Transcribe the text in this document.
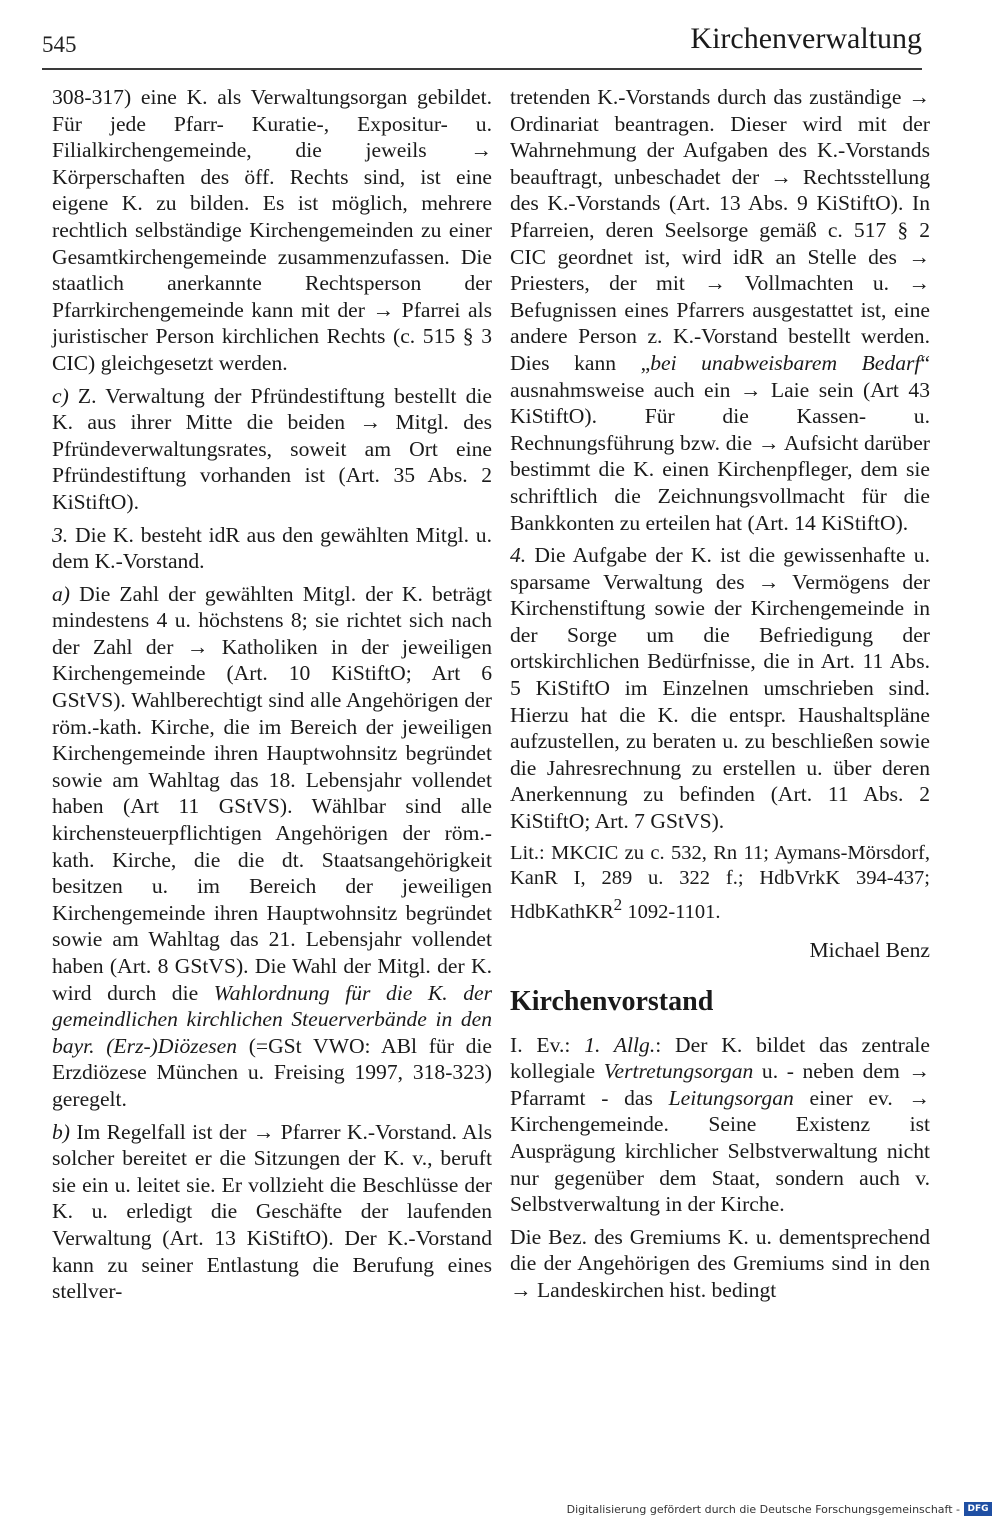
545	Kirchenverwaltung

308-317) eine K. als Verwaltungsorgan gebildet. Für jede Pfarr- Kuratie-, Expositur- u. Filialkirchengemeinde, die jeweils → Körperschaften des öff. Rechts sind, ist eine eigene K. zu bilden. Es ist möglich, mehrere rechtlich selbständige Kirchengemeinden zu einer Gesamtkirchengemeinde zusammenzufassen. Die staatlich anerkannte Rechtsperson der Pfarrkirchengemeinde kann mit der → Pfarrei als juristischer Person kirchlichen Rechts (c. 515 § 3 CIC) gleichgesetzt werden.

c) Z. Verwaltung der Pfründestiftung bestellt die K. aus ihrer Mitte die beiden → Mitgl. des Pfründeverwaltungsrates, soweit am Ort eine Pfründestiftung vorhanden ist (Art. 35 Abs. 2 KiStiftO).

3. Die K. besteht idR aus den gewählten Mitgl. u. dem K.-Vorstand.

a) Die Zahl der gewählten Mitgl. der K. beträgt mindestens 4 u. höchstens 8; sie richtet sich nach der Zahl der → Katholiken in der jeweiligen Kirchengemeinde (Art. 10 KiStiftO; Art 6 GStVS). Wahlberechtigt sind alle Angehörigen der röm.-kath. Kirche, die im Bereich der jeweiligen Kirchengemeinde ihren Hauptwohnsitz begründet sowie am Wahltag das 18. Lebensjahr vollendet haben (Art 11 GStVS). Wählbar sind alle kirchensteuerpflichtigen Angehörigen der röm.-kath. Kirche, die die dt. Staatsangehörigkeit besitzen u. im Bereich der jeweiligen Kirchengemeinde ihren Hauptwohnsitz begründet sowie am Wahltag das 21. Lebensjahr vollendet haben (Art. 8 GStVS). Die Wahl der Mitgl. der K. wird durch die Wahlordnung für die K. der gemeindlichen kirchlichen Steuerverbände in den bayr. (Erz-)Diözesen (=GSt VWO: ABl für die Erzdiözese München u. Freising 1997, 318-323) geregelt.

b) Im Regelfall ist der → Pfarrer K.-Vorstand. Als solcher bereitet er die Sitzungen der K. v., beruft sie ein u. leitet sie. Er vollzieht die Beschlüsse der K. u. erledigt die Geschäfte der laufenden Verwaltung (Art. 13 KiStiftO). Der K.-Vorstand kann zu seiner Entlastung die Berufung eines stellver-

tretenden K.-Vorstands durch das zuständige → Ordinariat beantragen. Dieser wird mit der Wahrnehmung der Aufgaben des K.-Vorstands beauftragt, unbeschadet der → Rechtsstellung des K.-Vorstands (Art. 13 Abs. 9 KiStiftO). In Pfarreien, deren Seelsorge gemäß c. 517 § 2 CIC geordnet ist, wird idR an Stelle des → Priesters, der mit → Vollmachten u. → Befugnissen eines Pfarrers ausgestattet ist, eine andere Person z. K.-Vorstand bestellt werden. Dies kann „bei unabweisbarem Bedarf“ ausnahmsweise auch ein → Laie sein (Art 43 KiStiftO). Für die Kassen- u. Rechnungsführung bzw. die → Aufsicht darüber bestimmt die K. einen Kirchenpfleger, dem sie schriftlich die Zeichnungsvollmacht für die Bankkonten zu erteilen hat (Art. 14 KiStiftO).

4. Die Aufgabe der K. ist die gewissenhafte u. sparsame Verwaltung des → Vermögens der Kirchenstiftung sowie der Kirchengemeinde in der Sorge um die Befriedigung der ortskirchlichen Bedürfnisse, die in Art. 11 Abs. 5 KiStiftO im Einzelnen umschrieben sind. Hierzu hat die K. die entspr. Haushaltspläne aufzustellen, zu beraten u. zu beschließen sowie die Jahresrechnung zu erstellen u. über deren Anerkennung zu befinden (Art. 11 Abs. 2 KiStiftO; Art. 7 GStVS).

Lit.: MKCIC zu c. 532, Rn 11; Aymans-Mörsdorf, KanR I, 289 u. 322 f.; HdbVrkK 394-437; HdbKathKR$^2$ 1092-1101.

Michael Benz

Kirchenvorstand

I. Ev.: 1. Allg.: Der K. bildet das zentrale kollegiale Vertretungsorgan u. - neben dem → Pfarramt - das Leitungsorgan einer ev. → Kirchengemeinde. Seine Existenz ist Ausprägung kirchlicher Selbstverwaltung nicht nur gegenüber dem Staat, sondern auch v. Selbstverwaltung in der Kirche.

Die Bez. des Gremiums K. u. dementsprechend die der Angehörigen des Gremiums sind in den → Landeskirchen hist. bedingt

Digitalisierung gefördert durch die Deutsche Forschungsgemeinschaft - DFG
